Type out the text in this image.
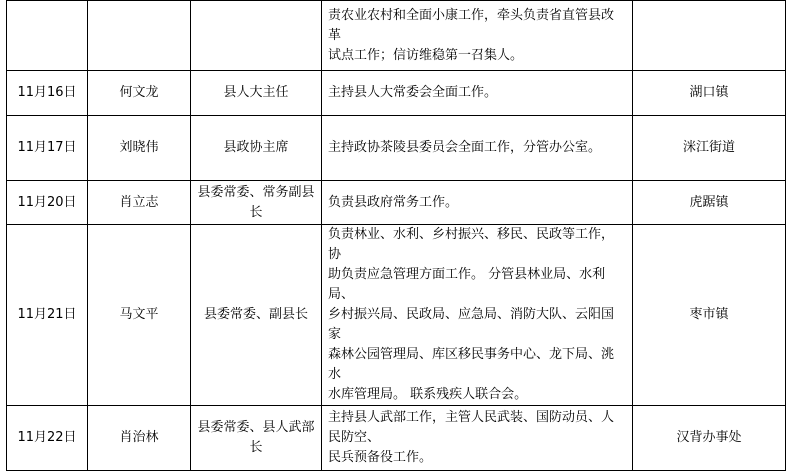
			责农业农村和全面小康工作，牵头负责省直管县改革
试点工作；信访维稳第一召集人。	

11月16日	何文龙	县人大主任	主持县人大常委会全面工作。	湖口镇
11月17日	刘晓伟	县政协主席	主持政协茶陵县委员会全面工作，分管办公室。	洣江街道
11月20日	肖立志	县委常委、常务副县长	负责县政府常务工作。	虎踞镇
11月21日	马文平	县委常委、副县长	负责林业、水利、乡村振兴、移民、民政等工作，协
助负责应急管理方面工作。 分管县林业局、水利局、
乡村振兴局、民政局、应急局、消防大队、云阳国家
森林公园管理局、库区移民事务中心、龙下局、洮水
水库管理局。 联系残疾人联合会。	枣市镇
11月22日	肖治林	县委常委、县人武部长	主持县人武部工作，主管人民武装、国防动员、人民防空、
民兵预备役工作。	汉背办事处
